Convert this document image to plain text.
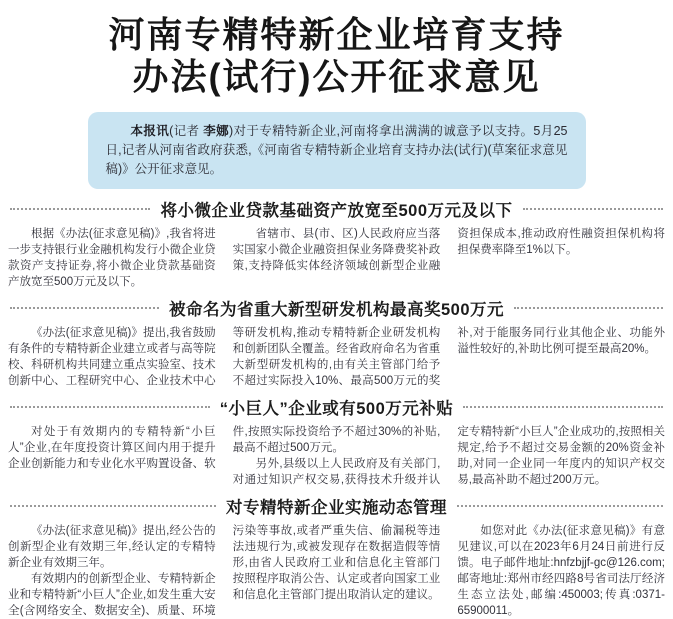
河南专精特新企业培育支持
办法(试行)公开征求意见

本报讯(记者 李娜)对于专精特新企业,河南将拿出满满的诚意予以支持。5月25日,记者从河南省政府获悉,《河南省专精特新企业培育支持办法(试行)(草案征求意见稿)》公开征求意见。

将小微企业贷款基础资产放宽至500万元及以下

根据《办法(征求意见稿)》,我省将进一步支持银行业金融机构发行小微企业贷款资产支持证券,将小微企业贷款基础资产放宽至500万元及以下。

省辖市、县(市、区)人民政府应当落实国家小微企业融资担保业务降费奖补政策,支持降低实体经济领域创新型企业融资担保成本,推动政府性融资担保机构将担保费率降至1%以下。

被命名为省重大新型研发机构最高奖500万元

《办法(征求意见稿)》提出,我省鼓励有条件的专精特新企业建立或者与高等院校、科研机构共同建立重点实验室、技术创新中心、工程研究中心、企业技术中心等研发机构,推动专精特新企业研发机构和创新团队全覆盖。经省政府命名为省重大新型研发机构的,由有关主管部门给予不超过实际投入10%、最高500万元的奖补,对于能服务同行业其他企业、功能外溢性较好的,补助比例可提至最高20%。

“小巨人”企业或有500万元补贴

对处于有效期内的专精特新“小巨人”企业,在年度投资计算区间内用于提升企业创新能力和专业化水平购置设备、软件,按照实际投资给予不超过30%的补贴,最高不超过500万元。

另外,县级以上人民政府及有关部门,对通过知识产权交易,获得技术升级并认定专精特新“小巨人”企业成功的,按照相关规定,给予不超过交易金额的20%资金补助,对同一企业同一年度内的知识产权交易,最高补助不超过200万元。

对专精特新企业实施动态管理

《办法(征求意见稿)》提出,经公告的创新型企业有效期三年,经认定的专精特新企业有效期三年。

有效期内的创新型企业、专精特新企业和专精特新“小巨人”企业,如发生重大安全(含网络安全、数据安全)、质量、环境污染等事故,或者严重失信、偷漏税等违法违规行为,或被发现存在数据造假等情形,由省人民政府工业和信息化主管部门按照程序取消公告、认定或者向国家工业和信息化主管部门提出取消认定的建议。

如您对此《办法(征求意见稿)》有意见建议,可以在2023年6月24日前进行反馈。电子邮件地址:hnfzbjjf-gc@126.com;邮寄地址:郑州市经四路8号省司法厅经济生态立法处,邮编:450003;传真:0371-65900011。
